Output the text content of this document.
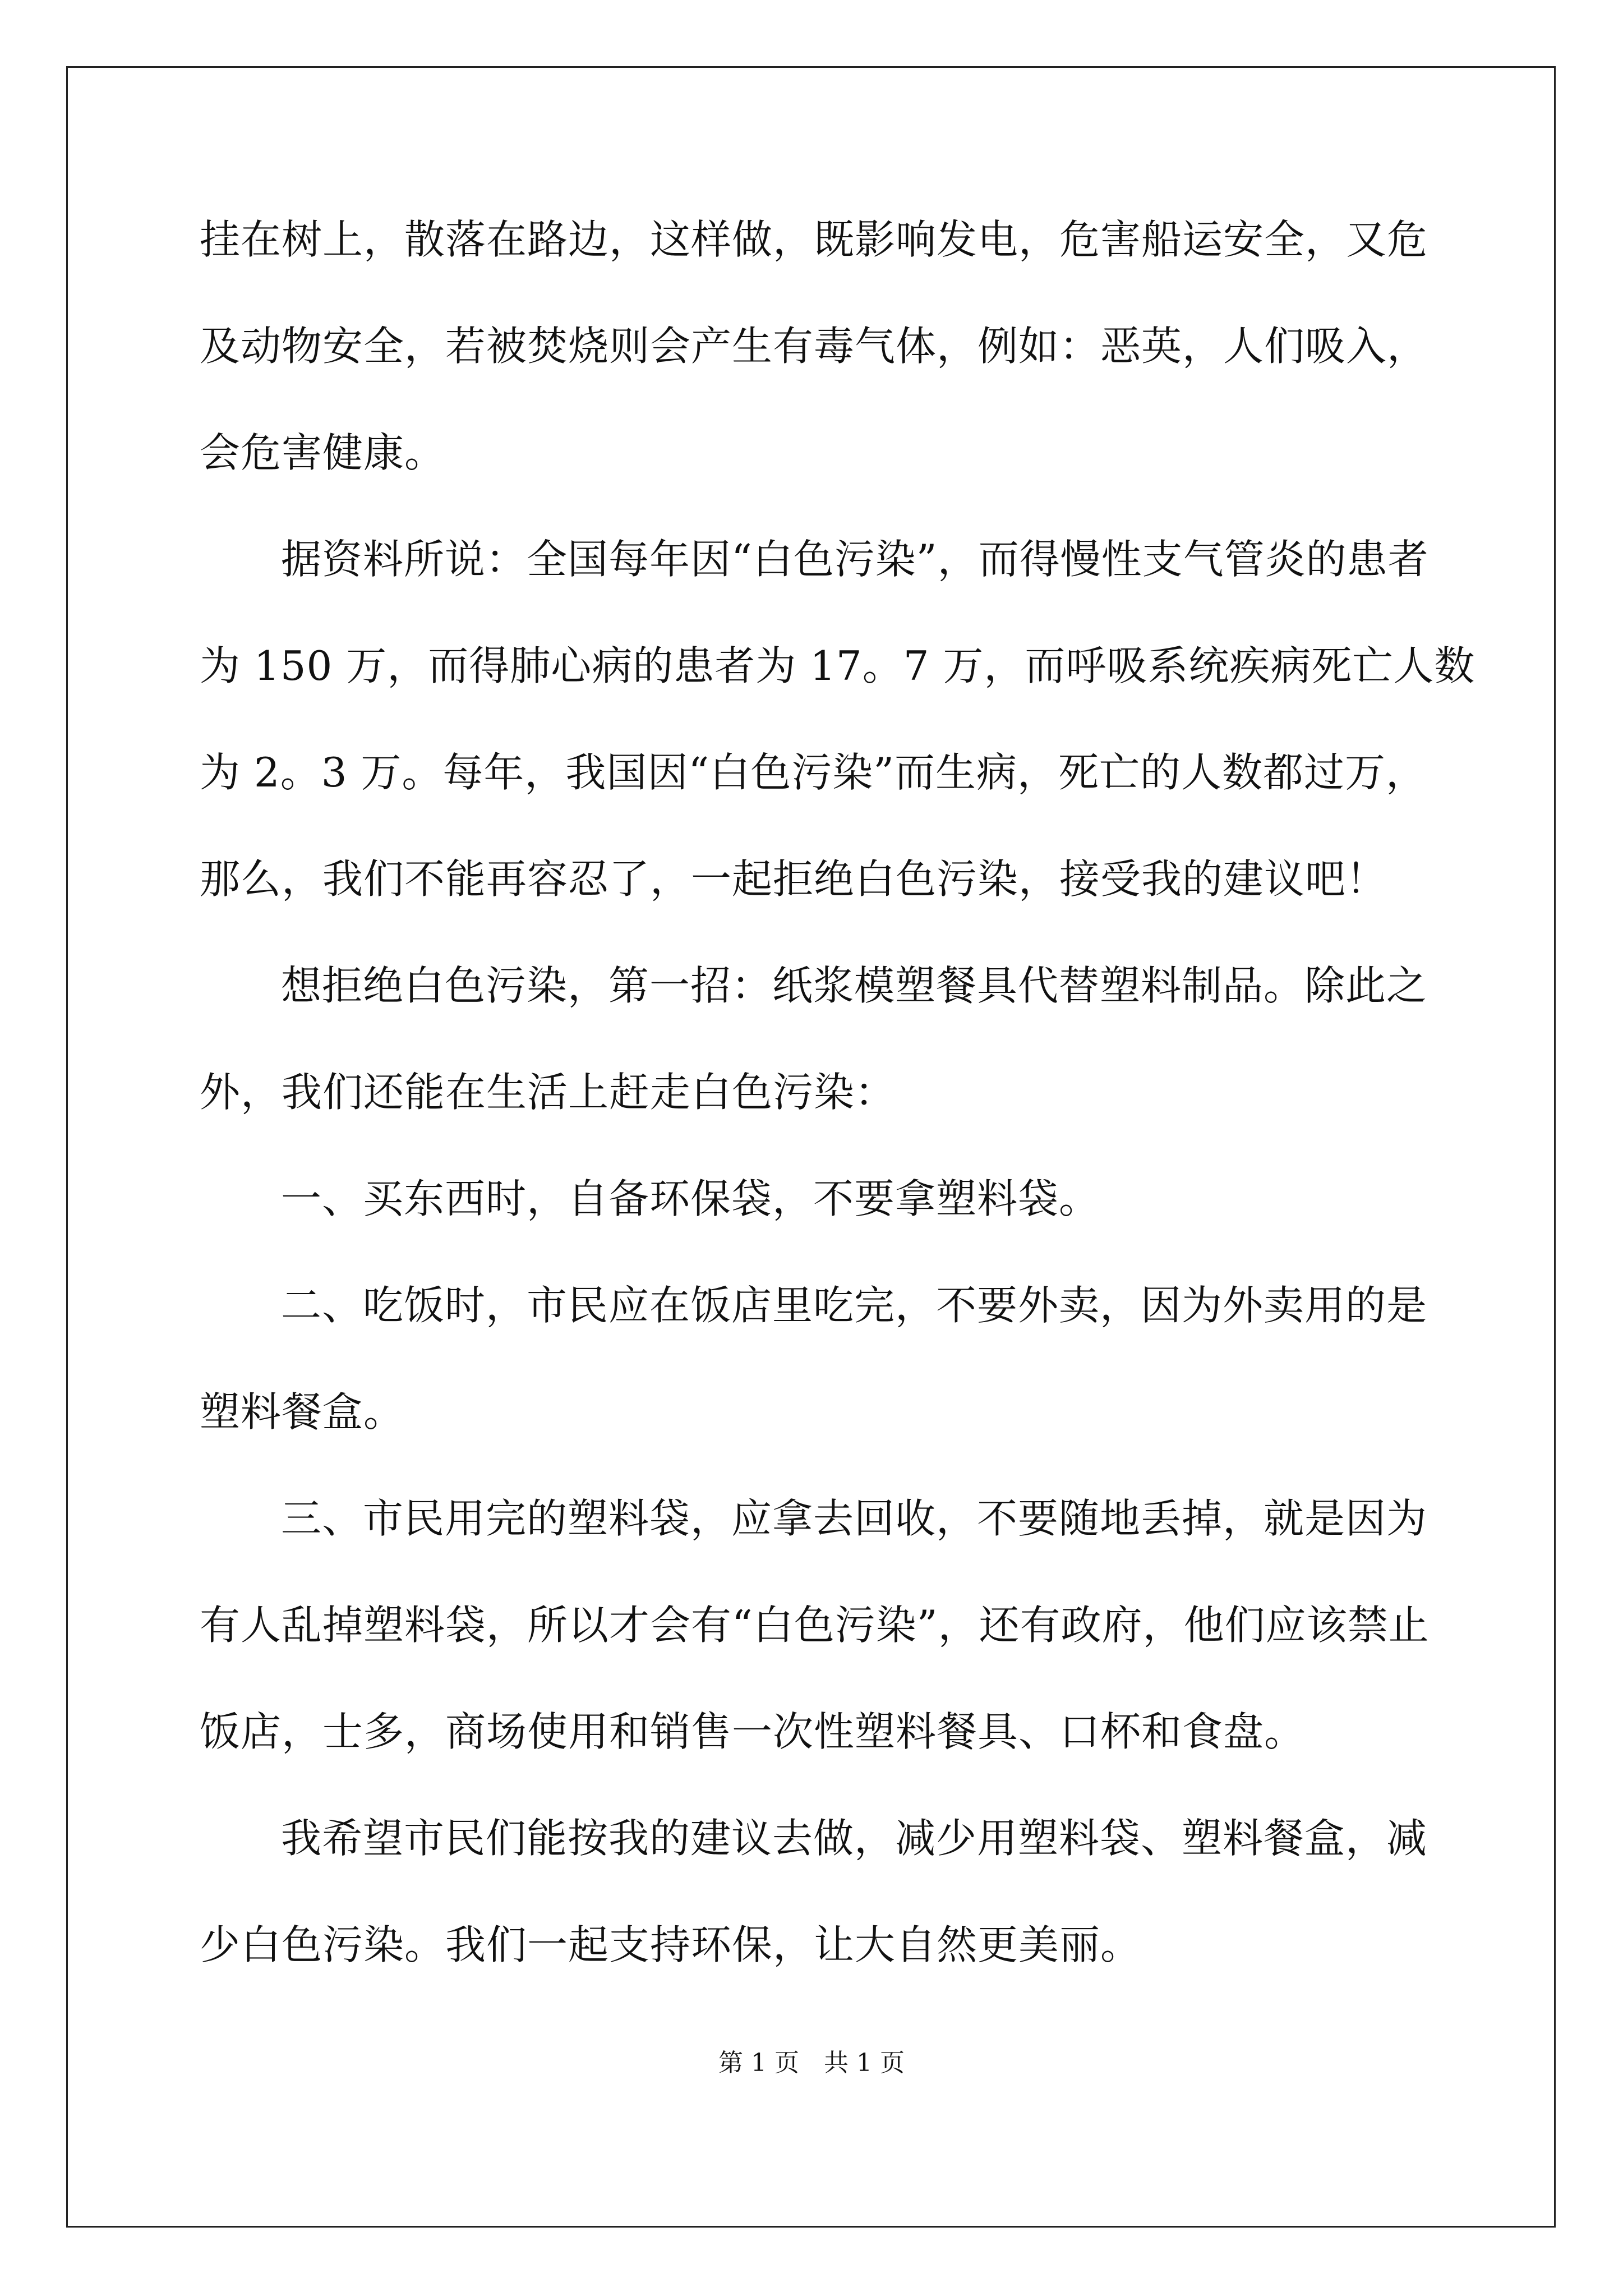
挂在树上，散落在路边，这样做，既影响发电，危害船运安全，又危
及动物安全，若被焚烧则会产生有毒气体，例如：恶英，人们吸入，
会危害健康。
据资料所说：全国每年因“白色污染”，而得慢性支气管炎的患者
为 150 万，而得肺心病的患者为 17。7 万，而呼吸系统疾病死亡人数
为 2。3 万。每年，我国因“白色污染”而生病，死亡的人数都过万，
那么，我们不能再容忍了，一起拒绝白色污染，接受我的建议吧！
想拒绝白色污染，第一招：纸浆模塑餐具代替塑料制品。除此之
外，我们还能在生活上赶走白色污染：
一、买东西时，自备环保袋，不要拿塑料袋。
二、吃饭时，市民应在饭店里吃完，不要外卖，因为外卖用的是
塑料餐盒。
三、市民用完的塑料袋，应拿去回收，不要随地丢掉，就是因为
有人乱掉塑料袋，所以才会有“白色污染”，还有政府，他们应该禁止
饭店，士多，商场使用和销售一次性塑料餐具、口杯和食盘。
我希望市民们能按我的建议去做，减少用塑料袋、塑料餐盒，减
少白色污染。我们一起支持环保，让大自然更美丽。
第 1 页 共 1 页
